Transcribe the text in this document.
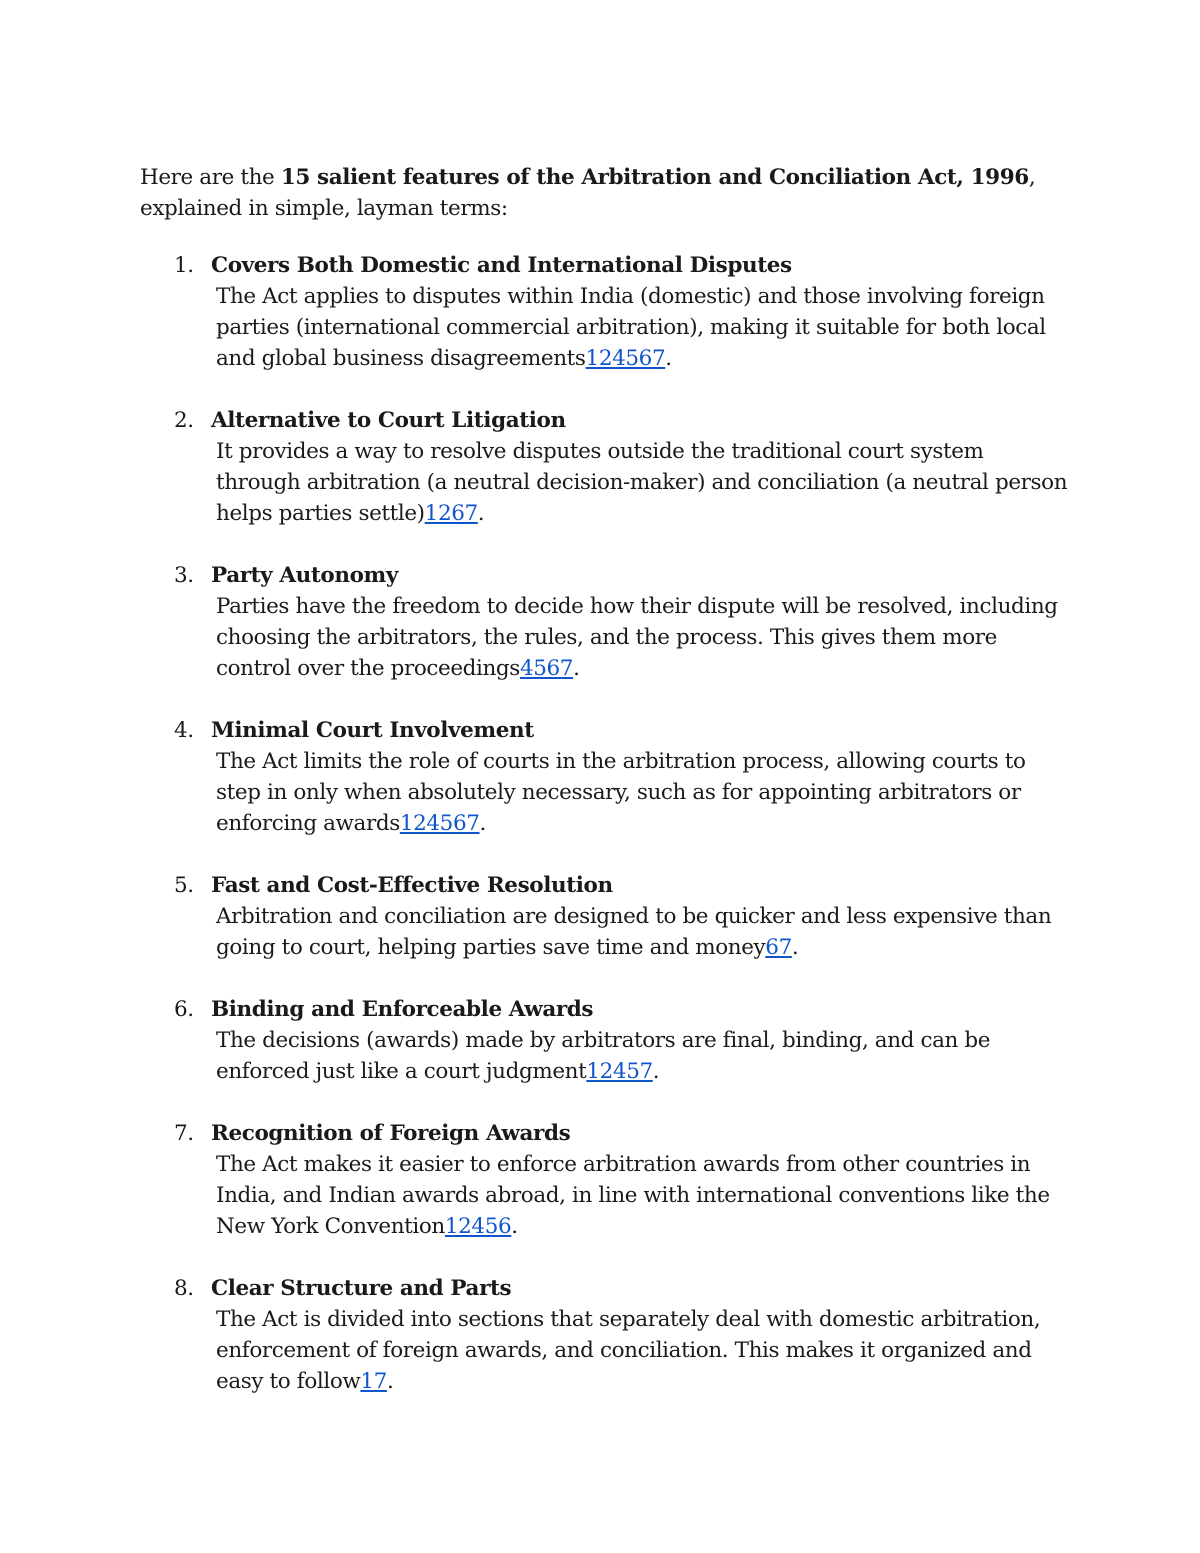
Here are the 15 salient features of the Arbitration and Conciliation Act, 1996, explained in simple, layman terms:

1. Covers Both Domestic and International Disputes
The Act applies to disputes within India (domestic) and those involving foreign parties (international commercial arbitration), making it suitable for both local and global business disagreements124567.
2. Alternative to Court Litigation
It provides a way to resolve disputes outside the traditional court system through arbitration (a neutral decision-maker) and conciliation (a neutral person helps parties settle)1267.
3. Party Autonomy
Parties have the freedom to decide how their dispute will be resolved, including choosing the arbitrators, the rules, and the process. This gives them more control over the proceedings4567.
4. Minimal Court Involvement
The Act limits the role of courts in the arbitration process, allowing courts to step in only when absolutely necessary, such as for appointing arbitrators or enforcing awards124567.
5. Fast and Cost-Effective Resolution
Arbitration and conciliation are designed to be quicker and less expensive than going to court, helping parties save time and money67.
6. Binding and Enforceable Awards
The decisions (awards) made by arbitrators are final, binding, and can be enforced just like a court judgment12457.
7. Recognition of Foreign Awards
The Act makes it easier to enforce arbitration awards from other countries in India, and Indian awards abroad, in line with international conventions like the New York Convention12456.
8. Clear Structure and Parts
The Act is divided into sections that separately deal with domestic arbitration, enforcement of foreign awards, and conciliation. This makes it organized and easy to follow17.
